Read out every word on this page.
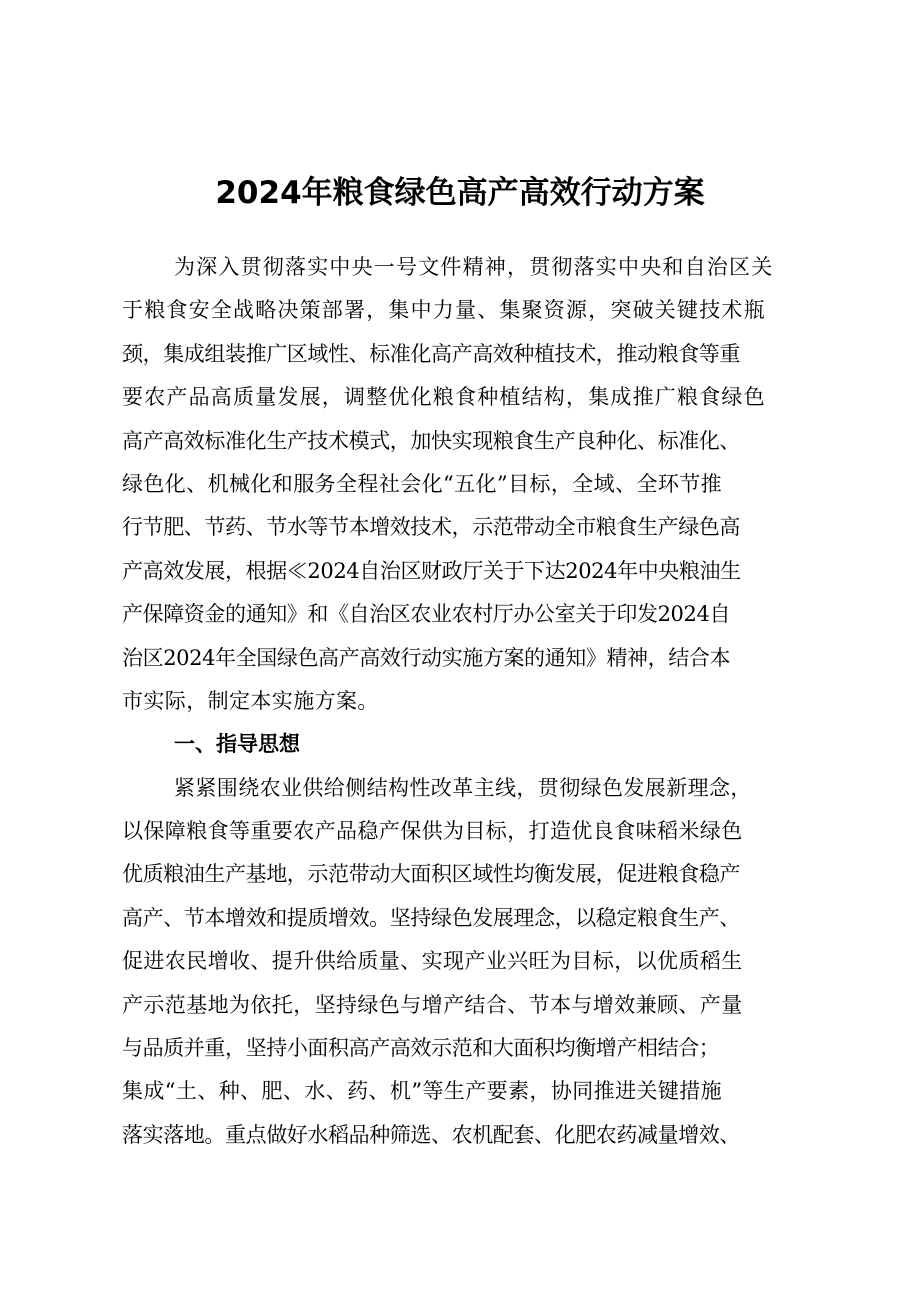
2024年粮食绿色高产高效行动方案
为深入贯彻落实中央一号文件精神，贯彻落实中央和自治区关
于粮食安全战略决策部署，集中力量、集聚资源，突破关键技术瓶
颈，集成组装推广区域性、标准化高产高效种植技术，推动粮食等重
要农产品高质量发展，调整优化粮食种植结构，集成推广粮食绿色
高产高效标准化生产技术模式，加快实现粮食生产良种化、标准化、
绿色化、机械化和服务全程社会化“五化”目标，全域、全环节推
行节肥、节药、节水等节本增效技术，示范带动全市粮食生产绿色高
产高效发展，根据≪2024自治区财政厅关于下达2024年中央粮油生
产保障资金的通知》和《自治区农业农村厅办公室关于印发2024自
治区2024年全国绿色高产高效行动实施方案的通知》精神，结合本
市实际，制定本实施方案。
一、指导思想
紧紧围绕农业供给侧结构性改革主线，贯彻绿色发展新理念，
以保障粮食等重要农产品稳产保供为目标，打造优良食味稻米绿色
优质粮油生产基地，示范带动大面积区域性均衡发展，促进粮食稳产
高产、节本增效和提质增效。坚持绿色发展理念，以稳定粮食生产、
促进农民增收、提升供给质量、实现产业兴旺为目标，以优质稻生
产示范基地为依托，坚持绿色与增产结合、节本与增效兼顾、产量
与品质并重，坚持小面积高产高效示范和大面积均衡增产相结合；
集成“土、种、肥、水、药、机”等生产要素，协同推进关键措施
落实落地。重点做好水稻品种筛选、农机配套、化肥农药减量增效、
